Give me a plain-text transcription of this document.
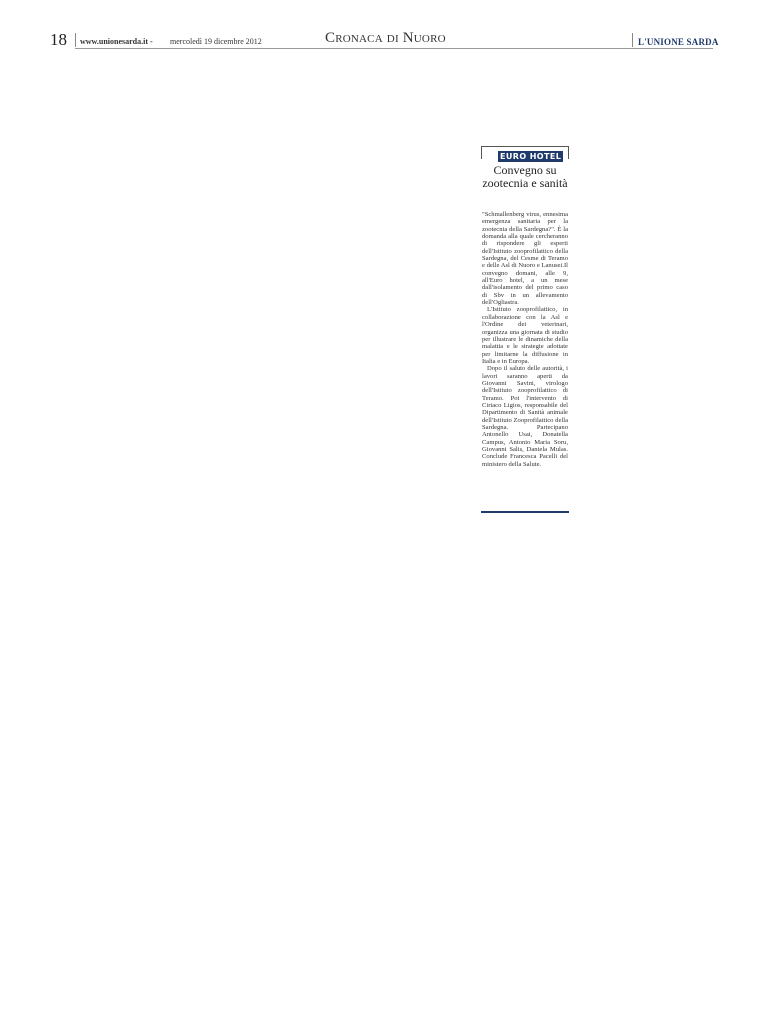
18 www.unionesarda.it - mercoledì 19 dicembre 2012	Cronaca di Nuoro	L'UNIONE SARDA
EURO HOTEL
Convegno su zootecnia e sanità

"Schmallenberg virus, ennesima emergenza sanitaria per la zootecnia della Sardegna?". È la domanda alla quale cercheranno di rispondere gli esperti dell'Istituto zooprofilattico della Sardegna, del Cesme di Teramo e delle Asl di Nuoro e Lanusei.Il convegno domani, alle 9, all'Euro hotel, a un mese dall'isolamento del primo caso di Sbv in un allevamento dell'Ogliastra.

L'Istituto zooprofilattico, in collaborazione con la Asl e l'Ordine dei veterinari, organizza una giornata di studio per illustrare le dinamiche della malattia e le strategie adottate per limitarne la diffusione in Italia e in Europa.

Dopo il saluto delle autorità, i lavori saranno aperti da Giovanni Savini, virologo dell'Istituto zooprofilattico di Teramo. Poi l'intervento di Ciriaco Ligios, responsabile del Dipartimento di Sanità animale dell'Istituto Zooprofilattico della Sardegna. Partecipano Antonello Usai, Donatella Campus, Antonio Maria Soru, Giovanni Salis, Daniela Mulas. Conclude Francesca Pacelli del ministero della Salute.
